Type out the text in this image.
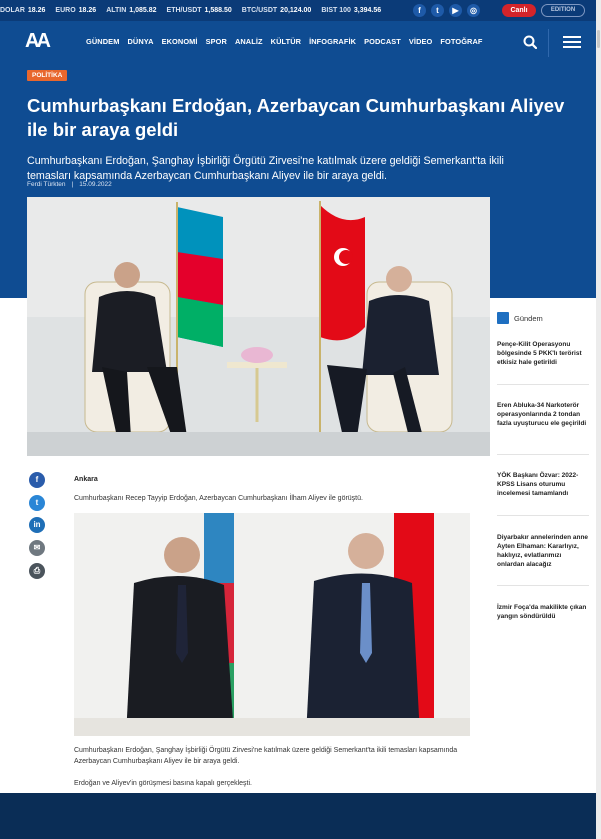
DOLAR 18.26 EURO 18.26 ALTIN 1,085.82 ETH/USDT 1,588.50 BTC/USDT 20,124.00 BIST 100 3,394.56	f	t	▶	◎	Canlı	EDITION
AA	GÜNDEM DÜNYA EKONOMİ SPOR ANALİZ KÜLTÜR İNFOGRAFİK PODCAST VİDEO FOTOĞRAF
POLİTİKA
Cumhurbaşkanı Erdoğan, Azerbaycan Cumhurbaşkanı Aliyev ile bir araya geldi

Cumhurbaşkanı Erdoğan, Şanghay İşbirliği Örgütü Zirvesi'ne katılmak üzere geldiği Semerkant'ta ikili temasları kapsamında Azerbaycan Cumhurbaşkanı Aliyev ile bir araya geldi.

Ferdi Türkten | 15.09.2022
Gündem
Pençe-Kilit Operasyonu bölgesinde 5 PKK'lı terörist etkisiz hale getirildi
Eren Abluka-34 Narkoterör operasyonlarında 2 tondan fazla uyuşturucu ele geçirildi
YÖK Başkanı Özvar: 2022-KPSS Lisans oturumu incelemesi tamamlandı
Diyarbakır annelerinden anne Ayten Elhaman: Kararlıyız, haklıyız, evlatlarımızı onlardan alacağız
İzmir Foça'da makilikte çıkan yangın söndürüldü
f
t
in
✉
⎙
Ankara

Cumhurbaşkanı Recep Tayyip Erdoğan, Azerbaycan Cumhurbaşkanı İlham Aliyev ile görüştü.

Cumhurbaşkanı Erdoğan, Şanghay İşbirliği Örgütü Zirvesi'ne katılmak üzere geldiği Semerkant'ta ikili temasları kapsamında Azerbaycan Cumhurbaşkanı Aliyev ile bir araya geldi.

Erdoğan ve Aliyev'in görüşmesi basına kapalı gerçekleşti.
